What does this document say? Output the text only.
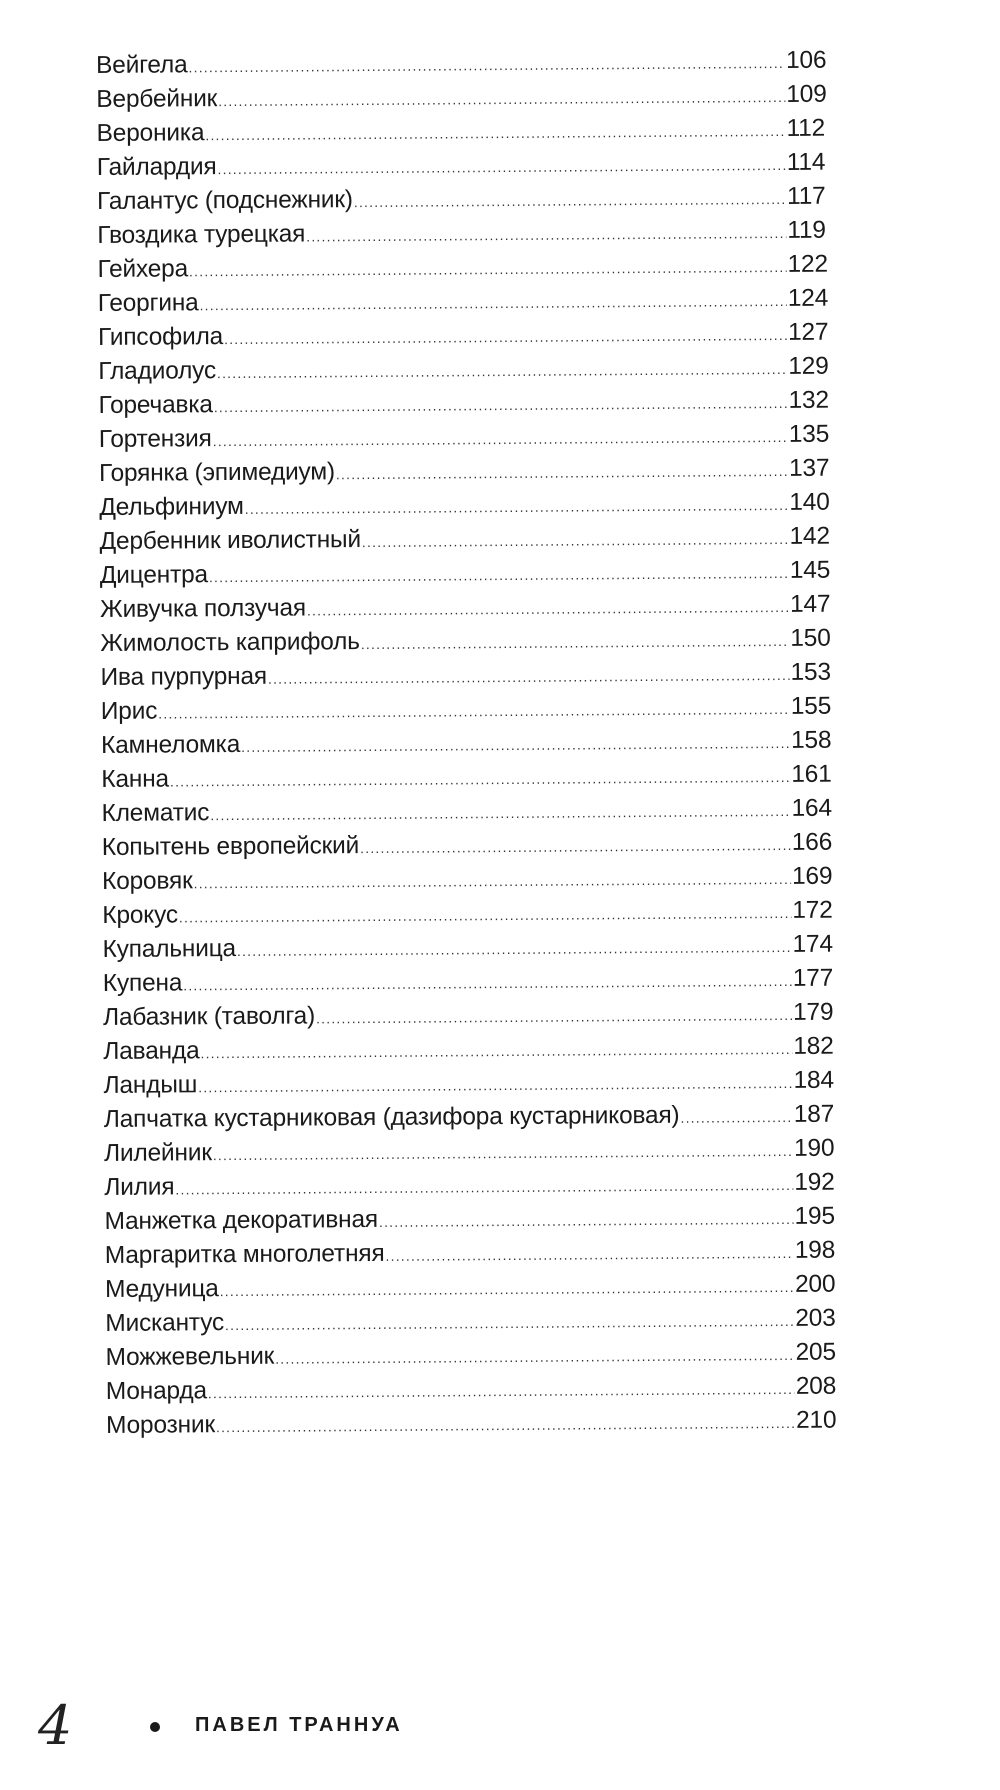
Вейгела .....	106
Вербейник .....	109
Вероника .....	112
Гайлардия .....	114
Галантус (подснежник) .....	117
Гвоздика турецкая .....	119
Гейхера .....	122
Георгина .....	124
Гипсофила .....	127
Гладиолус .....	129
Горечавка .....	132
Гортензия .....	135
Горянка (эпимедиум) .....	137
Дельфиниум .....	140
Дербенник иволистный .....	142
Дицентра .....	145
Живучка ползучая .....	147
Жимолость каприфоль .....	150
Ива пурпурная .....	153
Ирис .....	155
Камнеломка .....	158
Канна .....	161
Клематис .....	164
Копытень европейский .....	166
Коровяк .....	169
Крокус .....	172
Купальница .....	174
Купена .....	177
Лабазник (таволга) .....	179
Лаванда .....	182
Ландыш .....	184
Лапчатка кустарниковая (дазифора кустарниковая) .....	187
Лилейник .....	190
Лилия .....	192
Манжетка декоративная .....	195
Маргаритка многолетняя .....	198
Медуница .....	200
Мискантус .....	203
Можжевельник .....	205
Монарда .....	208
Морозник .....	210
4	ПАВЕЛ ТРАННУА
